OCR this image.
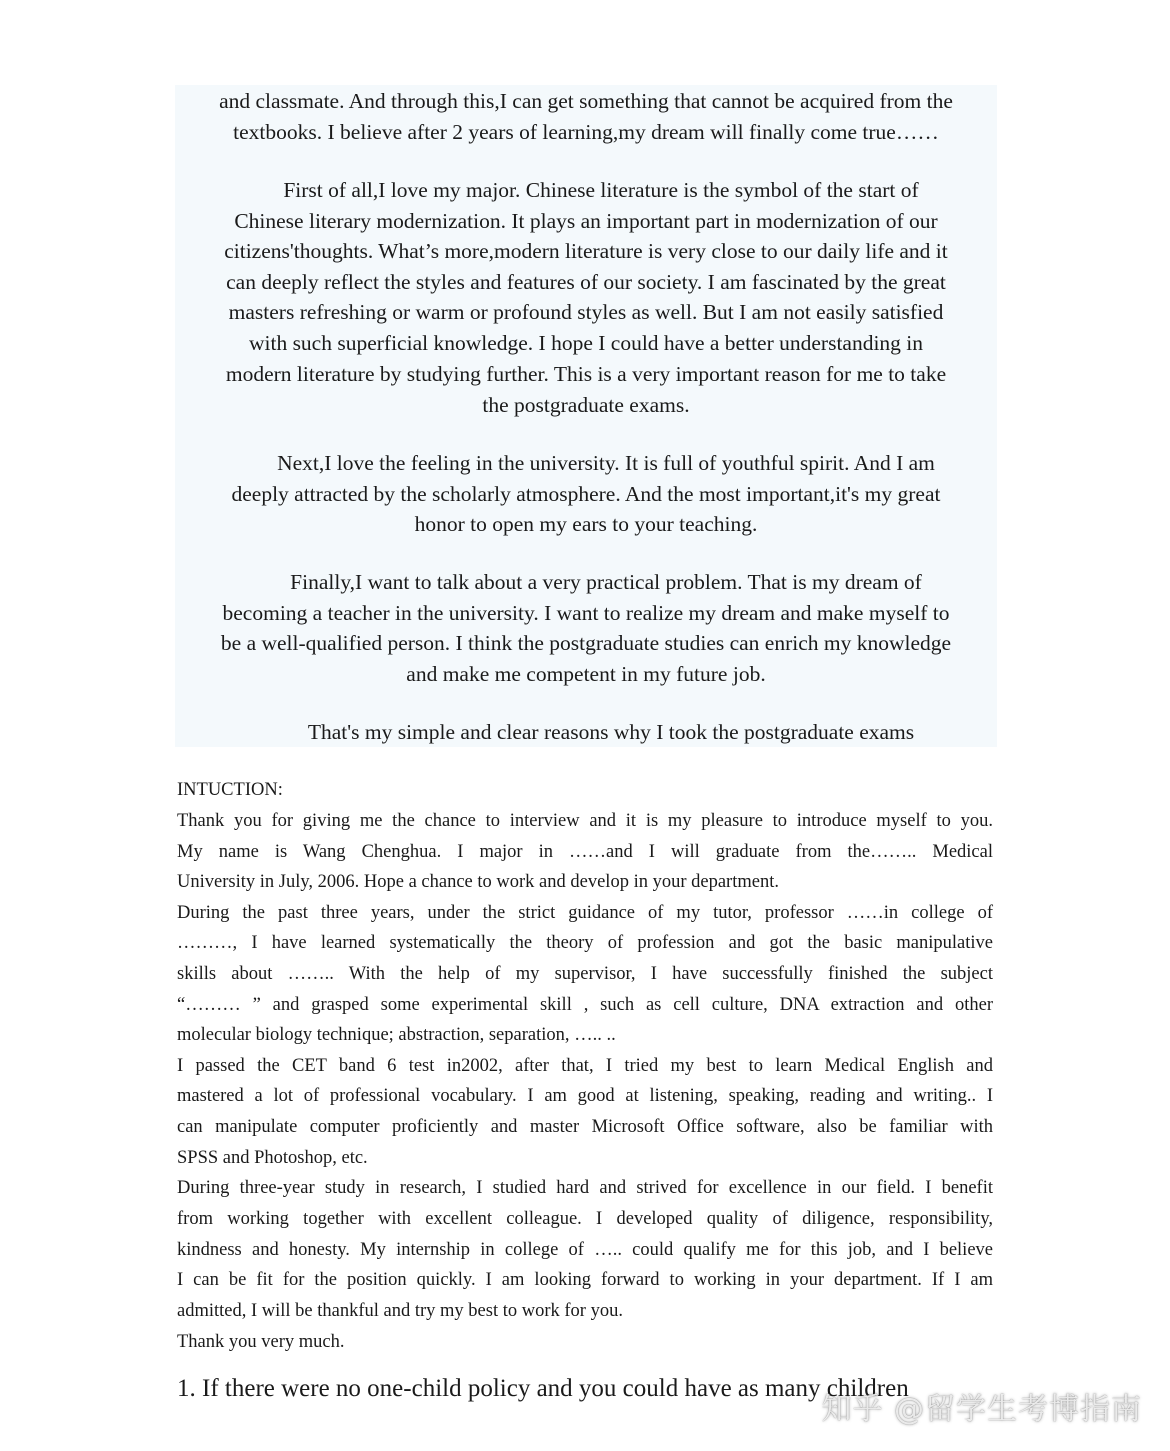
and classmate. And through this,I can get something that cannot be acquired from the
textbooks. I believe after 2 years of learning,my dream will finally come true……
First of all,I love my major. Chinese literature is the symbol of the start of
Chinese literary modernization. It plays an important part in modernization of our
citizens'thoughts. What’s more,modern literature is very close to our daily life and it
can deeply reflect the styles and features of our society. I am fascinated by the great
masters refreshing or warm or profound styles as well. But I am not easily satisfied
with such superficial knowledge. I hope I could have a better understanding in
modern literature by studying further. This is a very important reason for me to take
the postgraduate exams.
Next,I love the feeling in the university. It is full of youthful spirit. And I am
deeply attracted by the scholarly atmosphere. And the most important,it's my great
honor to open my ears to your teaching.
Finally,I want to talk about a very practical problem. That is my dream of
becoming a teacher in the university. I want to realize my dream and make myself to
be a well-qualified person. I think the postgraduate studies can enrich my knowledge
and make me competent in my future job.
That's my simple and clear reasons why I took the postgraduate exams
INTUCTION:
Thank you for giving me the chance to interview and it is my pleasure to introduce myself to you.
My name is Wang Chenghua. I major in ……and I will graduate from the…….. Medical
University in July, 2006. Hope a chance to work and develop in your department.
During the past three years, under the strict guidance of my tutor, professor ……in college of
………, I have learned systematically the theory of profession and got the basic manipulative
skills about …….. With the help of my supervisor, I have successfully finished the subject
“……… ” and grasped some experimental skill , such as cell culture, DNA extraction and other
molecular biology technique; abstraction, separation, ….. ..
I passed the CET band 6 test in2002, after that, I tried my best to learn Medical English and
mastered a lot of professional vocabulary. I am good at listening, speaking, reading and writing.. I
can manipulate computer proficiently and master Microsoft Office software, also be familiar with
SPSS and Photoshop, etc.
During three-year study in research, I studied hard and strived for excellence in our field. I benefit
from working together with excellent colleague. I developed quality of diligence, responsibility,
kindness and honesty. My internship in college of ….. could qualify me for this job, and I believe
I can be fit for the position quickly. I am looking forward to working in your department. If I am
admitted, I will be thankful and try my best to work for you.
Thank you very much.
1. If there were no one-child policy and you could have as many children
知乎 @留学生考博指南
